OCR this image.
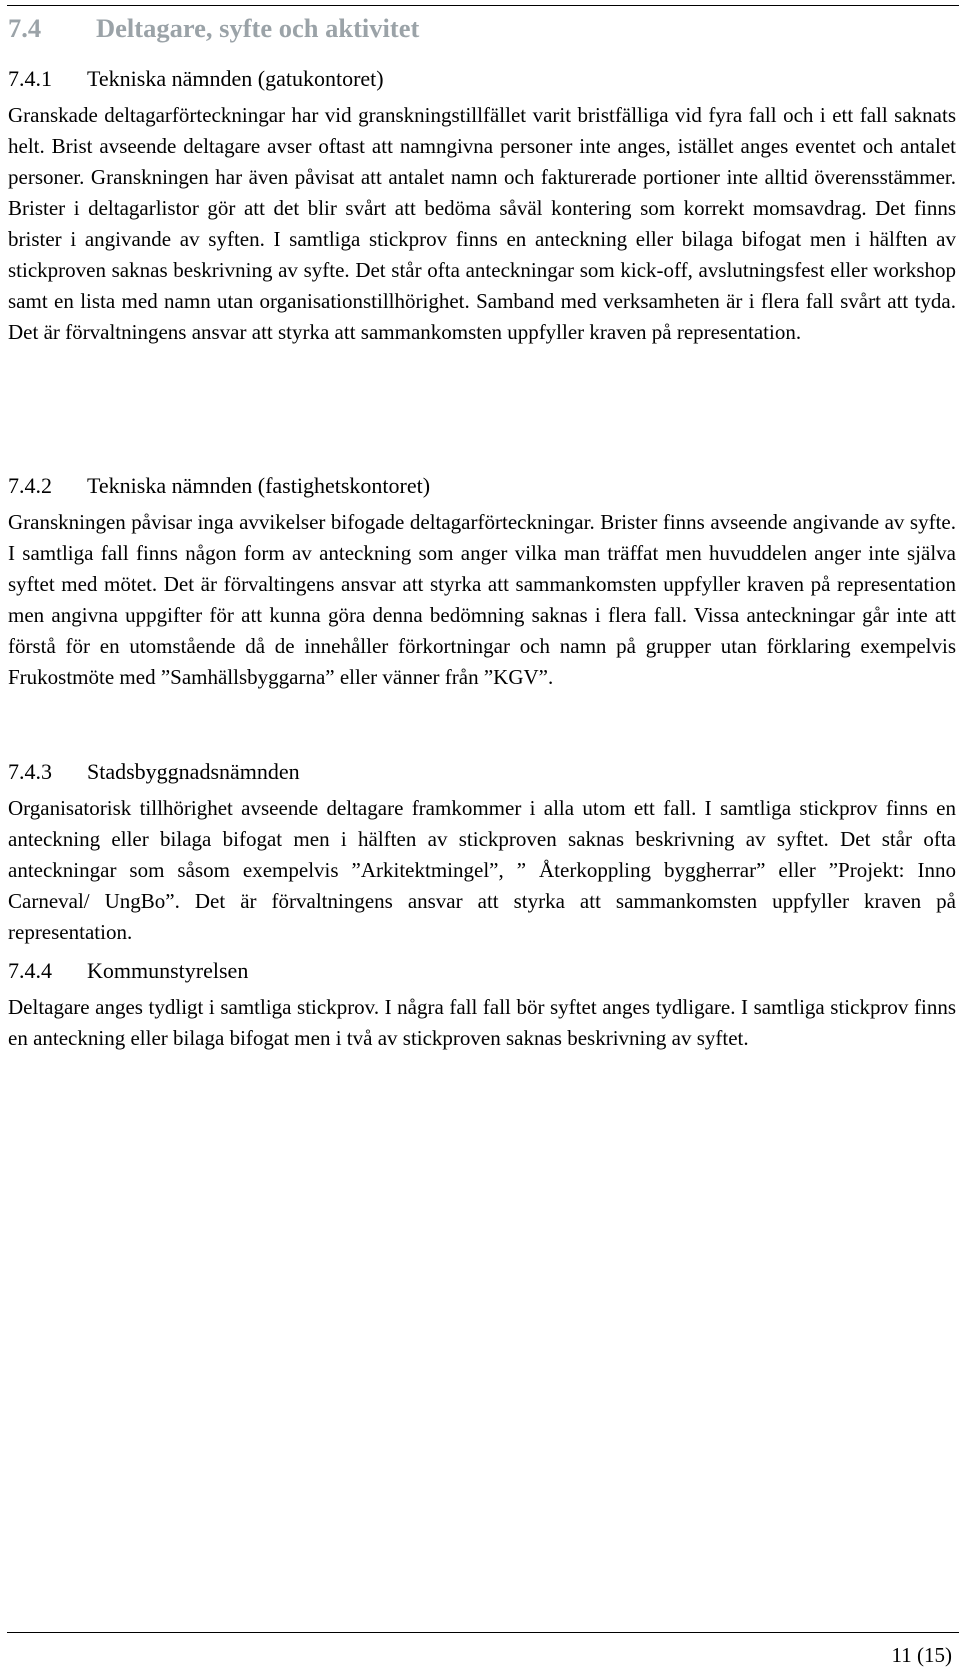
7.4 Deltagare, syfte och aktivitet
7.4.1 Tekniska nämnden (gatukontoret)

Granskade deltagarförteckningar har vid granskningstillfället varit bristfälliga vid fyra fall och i ett fall saknats helt. Brist avseende deltagare avser oftast att namngivna personer inte anges, istället anges eventet och antalet personer. Granskningen har även påvisat att antalet namn och fakturerade portioner inte alltid överensstämmer. Brister i deltagarlistor gör att det blir svårt att bedöma såväl kontering som korrekt momsavdrag. Det finns brister i angivande av syften. I samtliga stickprov finns en anteckning eller bilaga bifogat men i hälften av stickproven saknas beskrivning av syfte. Det står ofta anteckningar som kick-off, avslutningsfest eller workshop samt en lista med namn utan organisationstillhörighet. Samband med verksamheten är i flera fall svårt att tyda. Det är förvaltningens ansvar att styrka att sammankomsten uppfyller kraven på representation.

7.4.2 Tekniska nämnden (fastighetskontoret)

Granskningen påvisar inga avvikelser bifogade deltagarförteckningar. Brister finns avseende angivande av syfte. I samtliga fall finns någon form av anteckning som anger vilka man träffat men huvuddelen anger inte själva syftet med mötet. Det är förvaltingens ansvar att styrka att sammankomsten uppfyller kraven på representation men angivna uppgifter för att kunna göra denna bedömning saknas i flera fall. Vissa anteckningar går inte att förstå för en utomstående då de innehåller förkortningar och namn på grupper utan förklaring exempelvis Frukostmöte med ”Samhällsbyggarna” eller vänner från ”KGV”.

7.4.3 Stadsbyggnadsnämnden

Organisatorisk tillhörighet avseende deltagare framkommer i alla utom ett fall. I samtliga stickprov finns en anteckning eller bilaga bifogat men i hälften av stickproven saknas beskrivning av syftet. Det står ofta anteckningar som såsom exempelvis ”Arkitektmingel”, ” Återkoppling byggherrar” eller ”Projekt: Inno Carneval/ UngBo”. Det är förvaltningens ansvar att styrka att sammankomsten uppfyller kraven på representation.

7.4.4 Kommunstyrelsen

Deltagare anges tydligt i samtliga stickprov. I några fall fall bör syftet anges tydligare. I samtliga stickprov finns en anteckning eller bilaga bifogat men i två av stickproven saknas beskrivning av syftet.

11 (15)
